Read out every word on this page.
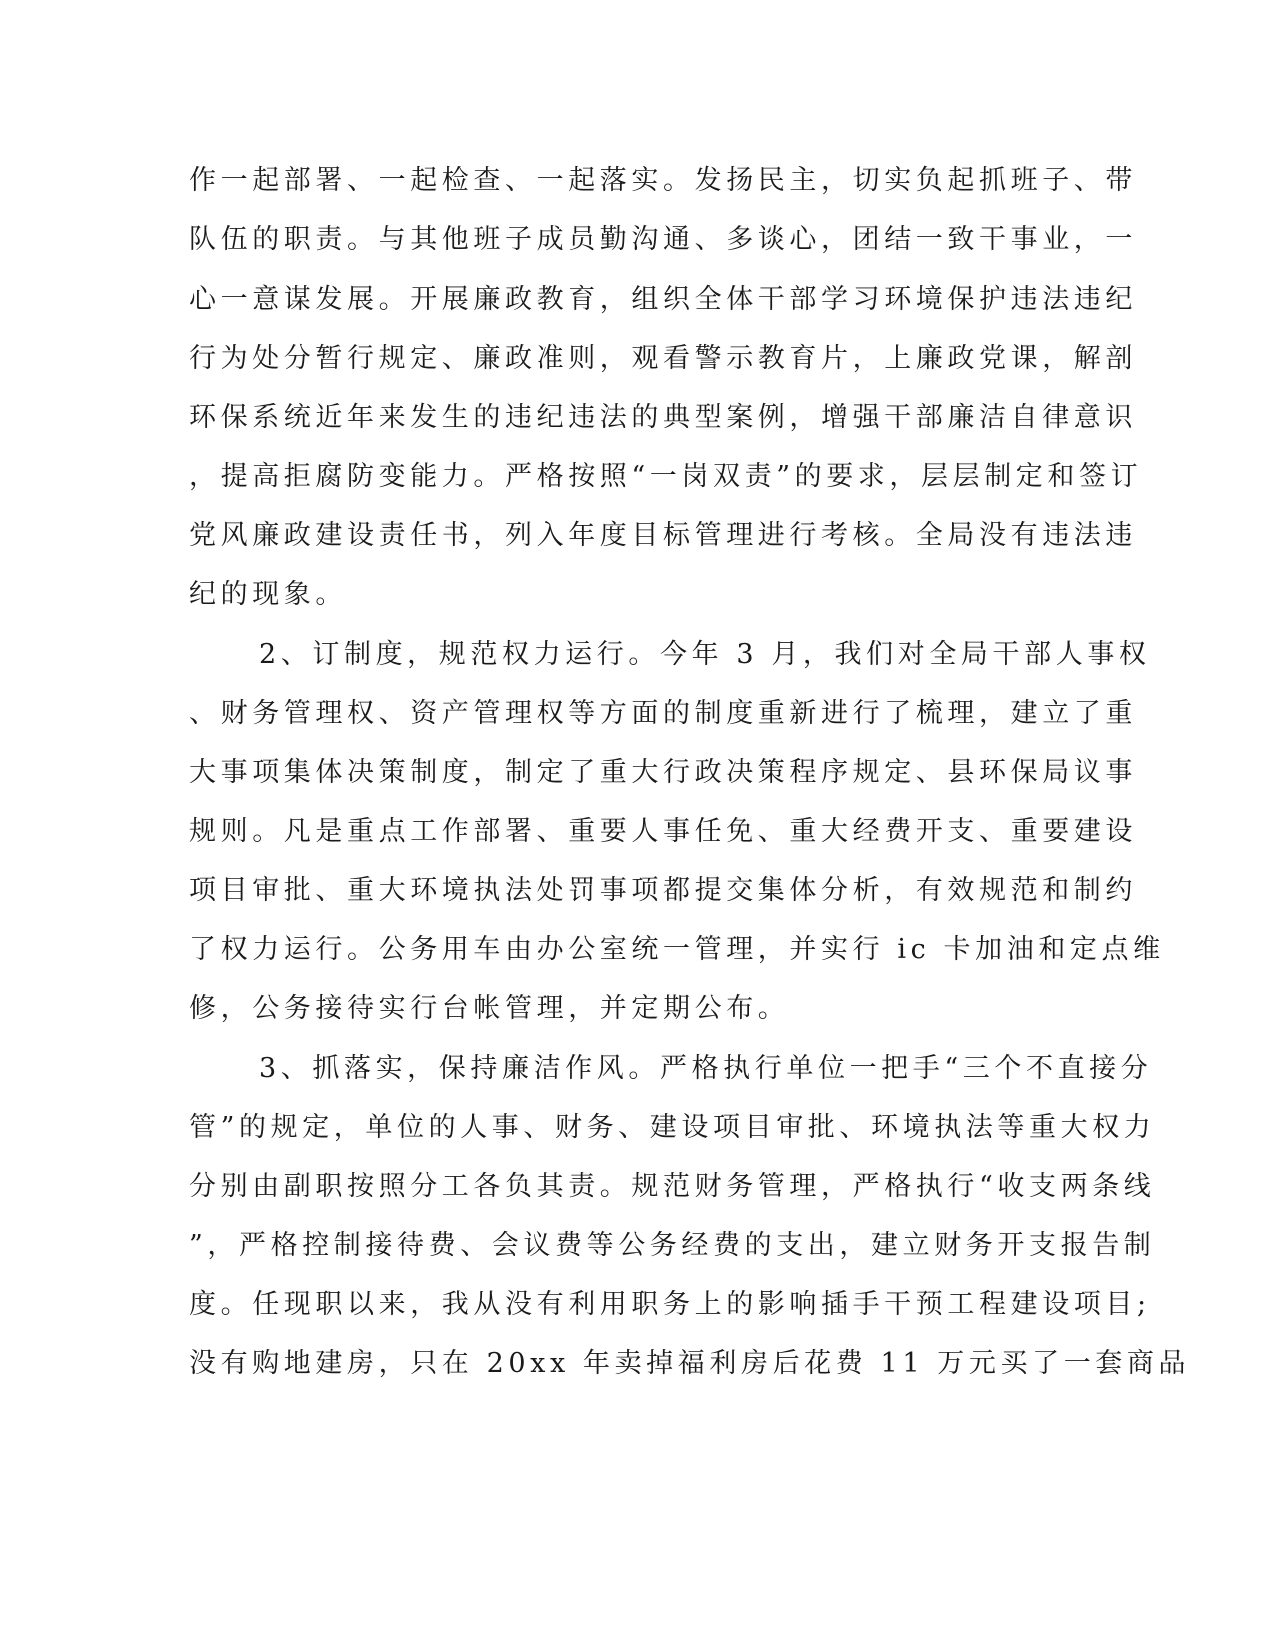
作一起部署、一起检查、一起落实。发扬民主，切实负起抓班子、带
队伍的职责。与其他班子成员勤沟通、多谈心，团结一致干事业，一
心一意谋发展。开展廉政教育，组织全体干部学习环境保护违法违纪
行为处分暂行规定、廉政准则，观看警示教育片，上廉政党课，解剖
环保系统近年来发生的违纪违法的典型案例，增强干部廉洁自律意识
，提高拒腐防变能力。严格按照“一岗双责”的要求，层层制定和签订
党风廉政建设责任书，列入年度目标管理进行考核。全局没有违法违
纪的现象。
2、订制度，规范权力运行。今年 3 月，我们对全局干部人事权
、财务管理权、资产管理权等方面的制度重新进行了梳理，建立了重
大事项集体决策制度，制定了重大行政决策程序规定、县环保局议事
规则。凡是重点工作部署、重要人事任免、重大经费开支、重要建设
项目审批、重大环境执法处罚事项都提交集体分析，有效规范和制约
了权力运行。公务用车由办公室统一管理，并实行 ic 卡加油和定点维
修，公务接待实行台帐管理，并定期公布。
3、抓落实，保持廉洁作风。严格执行单位一把手“三个不直接分
管”的规定，单位的人事、财务、建设项目审批、环境执法等重大权力
分别由副职按照分工各负其责。规范财务管理，严格执行“收支两条线
”，严格控制接待费、会议费等公务经费的支出，建立财务开支报告制
度。任现职以来，我从没有利用职务上的影响插手干预工程建设项目;
没有购地建房，只在 20xx 年卖掉福利房后花费 11 万元买了一套商品
